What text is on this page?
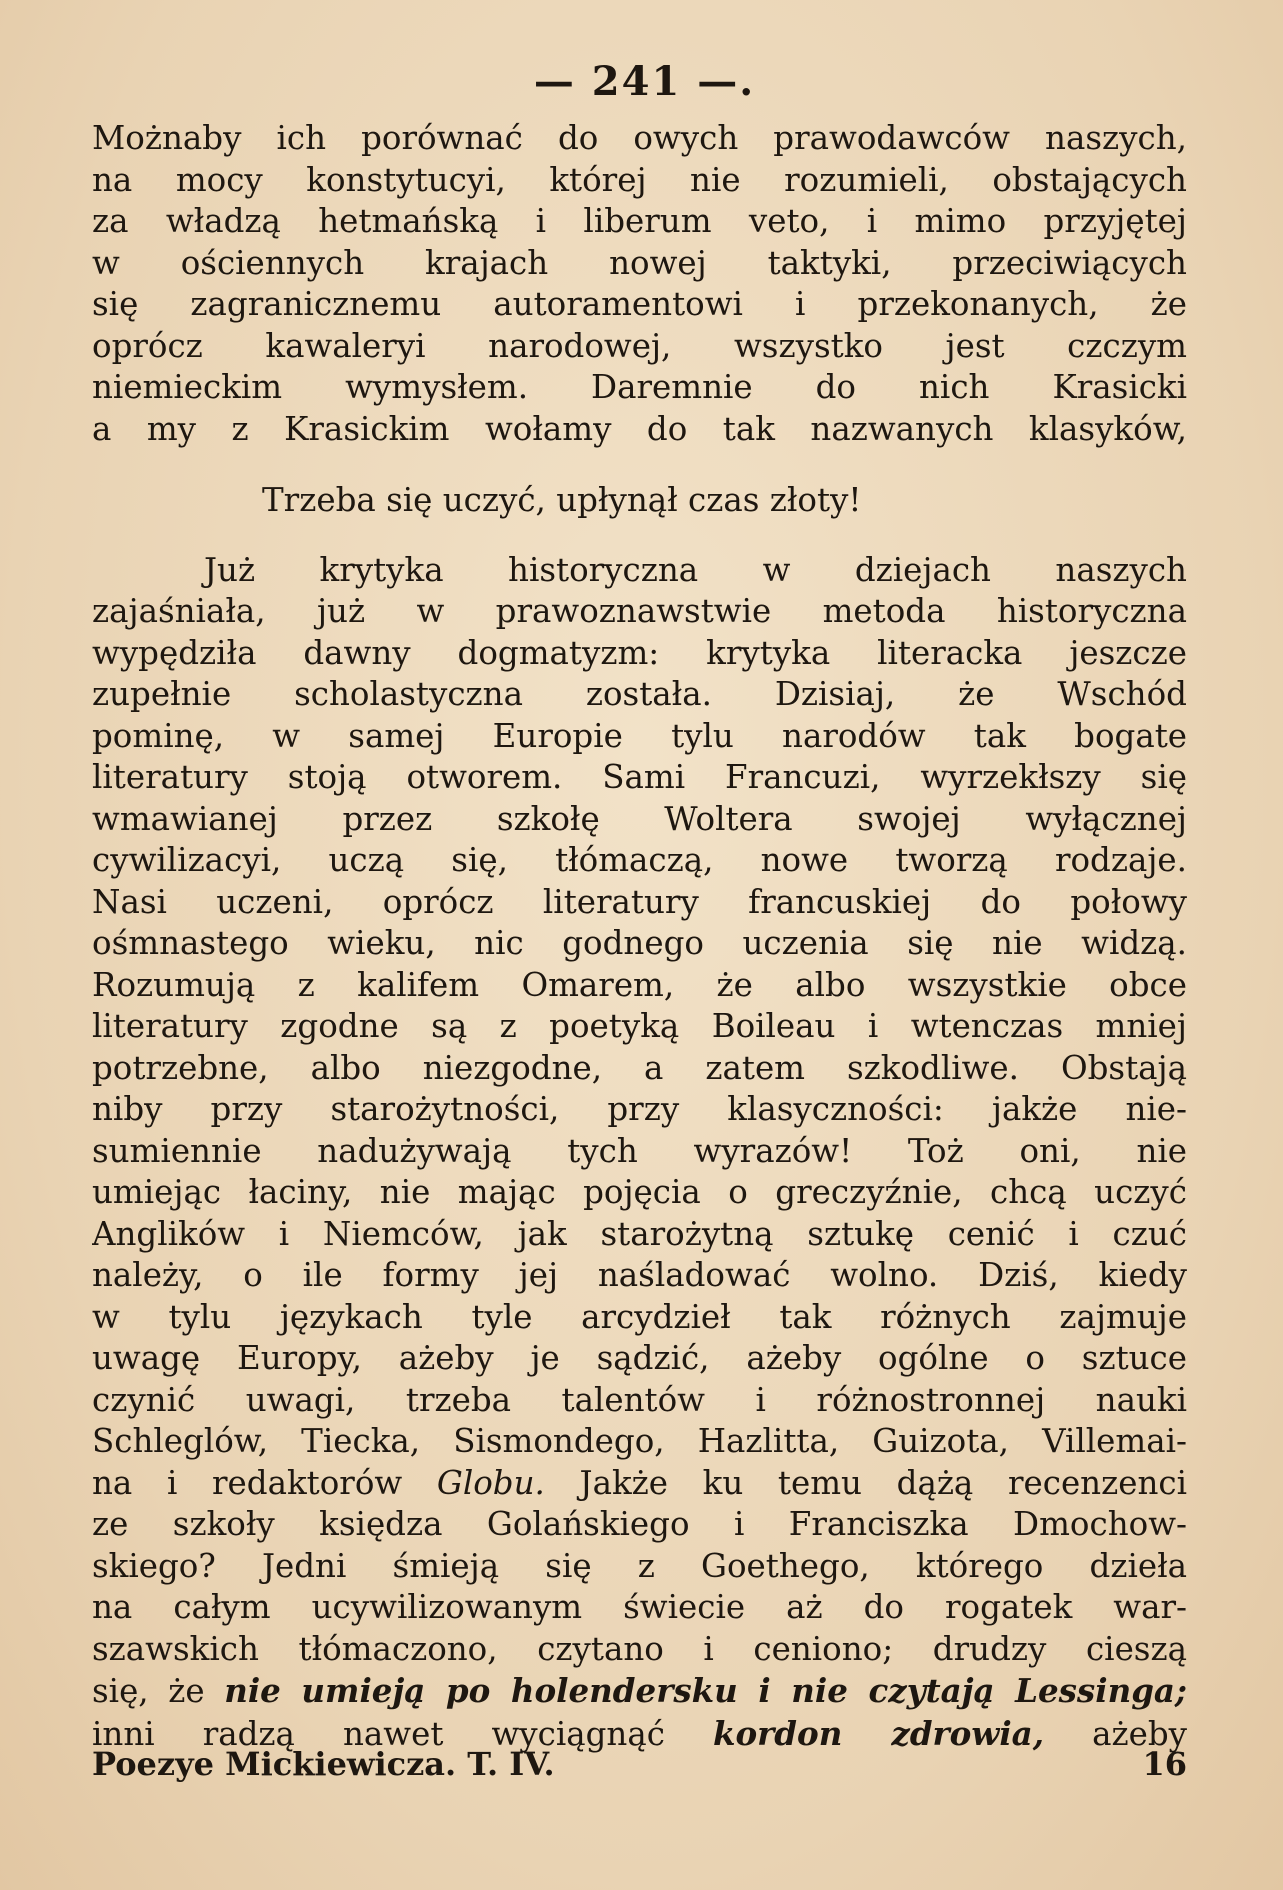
— 241 —.
Możnaby ich porównać do owych prawodawców naszych,
na mocy konstytucyi, której nie rozumieli, obstających
za władzą hetmańską i liberum veto, i mimo przyjętej
w ościennych krajach nowej taktyki, przeciwiących
się zagranicznemu autoramentowi i przekonanych, że
oprócz kawaleryi narodowej, wszystko jest czczym
niemieckim wymysłem. Daremnie do nich Krasicki
a my z Krasickim wołamy do tak nazwanych klasyków,
Trzeba się uczyć, upłynął czas złoty!
Już krytyka historyczna w dziejach naszych
zajaśniała, już w prawoznawstwie metoda historyczna
wypędziła dawny dogmatyzm: krytyka literacka jeszcze
zupełnie scholastyczna została. Dzisiaj, że Wschód
pominę, w samej Europie tylu narodów tak bogate
literatury stoją otworem. Sami Francuzi, wyrzekłszy się
wmawianej przez szkołę Woltera swojej wyłącznej
cywilizacyi, uczą się, tłómaczą, nowe tworzą rodzaje.
Nasi uczeni, oprócz literatury francuskiej do połowy
ośmnastego wieku, nic godnego uczenia się nie widzą.
Rozumują z kalifem Omarem, że albo wszystkie obce
literatury zgodne są z poetyką Boileau i wtenczas mniej
potrzebne, albo niezgodne, a zatem szkodliwe. Obstają
niby przy starożytności, przy klasyczności: jakże nie-
sumiennie nadużywają tych wyrazów! Toż oni, nie
umiejąc łaciny, nie mając pojęcia o greczyźnie, chcą uczyć
Anglików i Niemców, jak starożytną sztukę cenić i czuć
należy, o ile formy jej naśladować wolno. Dziś, kiedy
w tylu językach tyle arcydzieł tak różnych zajmuje
uwagę Europy, ażeby je sądzić, ażeby ogólne o sztuce
czynić uwagi, trzeba talentów i różnostronnej nauki
Schleglów, Tiecka, Sismondego, Hazlitta, Guizota, Villemai-
na i redaktorów Globu. Jakże ku temu dążą recenzenci
ze szkoły księdza Golańskiego i Franciszka Dmochow-
skiego? Jedni śmieją się z Goethego, którego dzieła
na całym ucywilizowanym świecie aż do rogatek war-
szawskich tłómaczono, czytano i ceniono; drudzy cieszą
się, że nie umieją po holendersku i nie czytają Lessinga;
inni radzą nawet wyciągnąć kordon zdrowia, ażeby
Poezye Mickiewicza. T. IV.	16
